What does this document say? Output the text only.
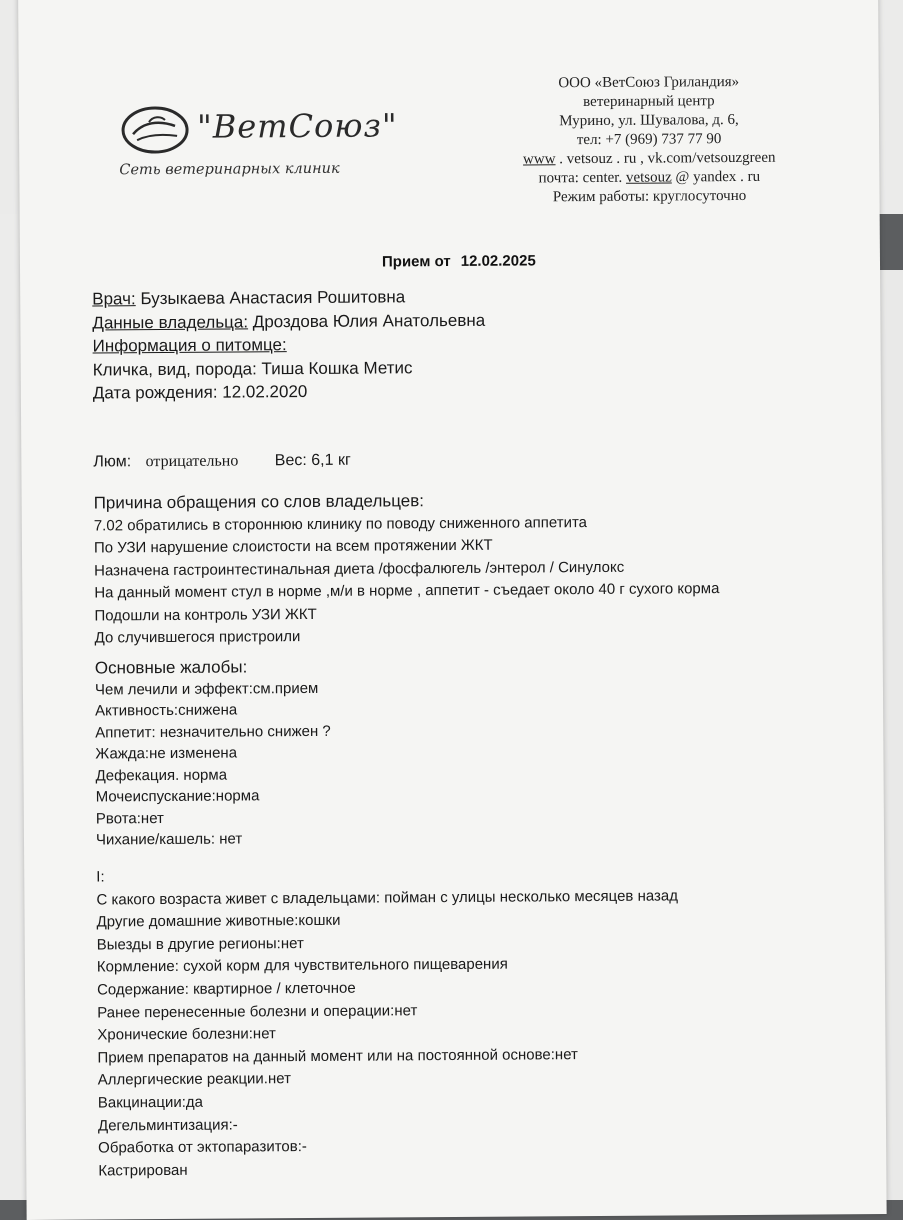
"ВетСоюз"
Сеть ветеринарных клиник
ООО «ВетСоюз Гриландия»
ветеринарный центр
Мурино, ул. Шувалова, д. 6,
тел: +7 (969) 737 77 90
www . vetsouz . ru , vk.com/vetsouzgreen
почта: center. vetsouz @ yandex . ru
Режим работы: круглосуточно
Прием от 12.02.2025
Врач: Бузыкаева Анастасия Рошитовна
Данные владельца: Дроздова Юлия Анатольевна
Информация о питомце:
Кличка, вид, порода: Тиша Кошка Метис
Дата рождения: 12.02.2020
Люм: отрицательно Вес: 6,1 кг
Причина обращения со слов владельцев:
7.02 обратились в стороннюю клинику по поводу сниженного аппетита
По УЗИ нарушение слоистости на всем протяжении ЖКТ
Назначена гастроинтестинальная диета /фосфалюгель /энтерол / Синулокс
На данный момент стул в норме ,м/и в норме , аппетит - съедает около 40 г сухого корма
Подошли на контроль УЗИ ЖКТ
До случившегося пристроили
Основные жалобы:
Чем лечили и эффект:см.прием
Активность:снижена
Аппетит: незначительно снижен ?
Жажда:не изменена
Дефекация. норма
Мочеиспускание:норма
Рвота:нет
Чихание/кашель: нет
I:
С какого возраста живет с владельцами: пойман с улицы несколько месяцев назад
Другие домашние животные:кошки
Выезды в другие регионы:нет
Кормление: сухой корм для чувствительного пищеварения
Содержание: квартирное / клеточное
Ранее перенесенные болезни и операции:нет
Хронические болезни:нет
Прием препаратов на данный момент или на постоянной основе:нет
Аллергические реакции.нет
Вакцинации:да
Дегельминтизация:-
Обработка от эктопаразитов:-
Кастрирован
